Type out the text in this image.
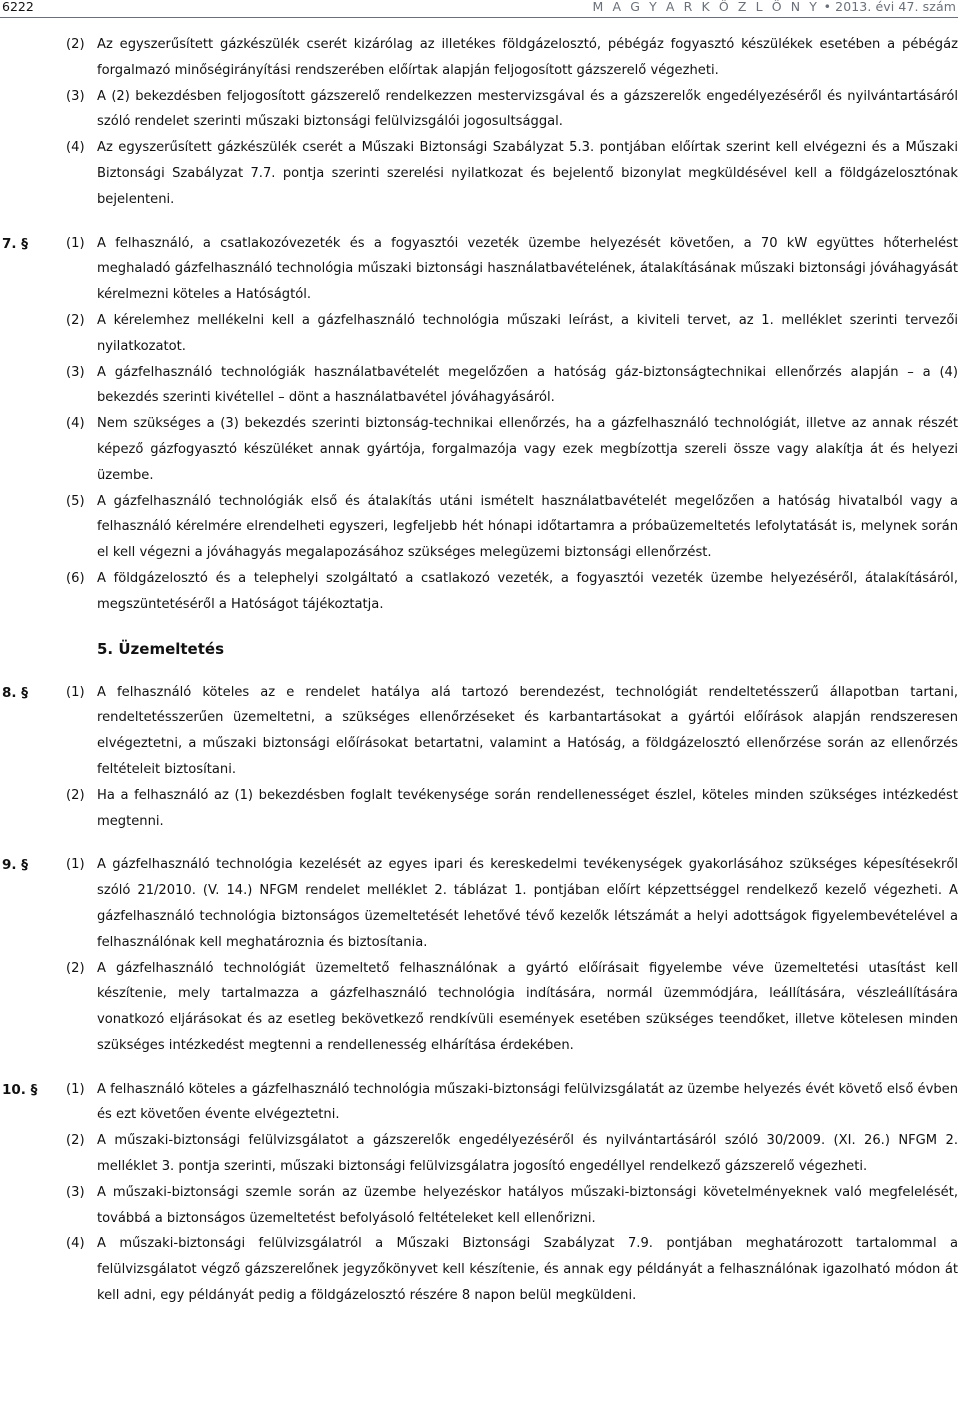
6222	M A G Y A R K Ö Z L Ö N Y • 2013. évi 47. szám
(2) Az egyszerűsített gázkészülék cserét kizárólag az illetékes földgázelosztó, pébégáz fogyasztó készülékek esetében a pébégáz forgalmazó minőségirányítási rendszerében előírtak alapján feljogosított gázszerelő végezheti.
(3) A (2) bekezdésben feljogosított gázszerelő rendelkezzen mestervizsgával és a gázszerelők engedélyezéséről és nyilvántartásáról szóló rendelet szerinti műszaki biztonsági felülvizsgálói jogosultsággal.
(4) Az egyszerűsített gázkészülék cserét a Műszaki Biztonsági Szabályzat 5.3. pontjában előírtak szerint kell elvégezni és a Műszaki Biztonsági Szabályzat 7.7. pontja szerinti szerelési nyilatkozat és bejelentő bizonylat megküldésével kell a földgázelosztónak bejelenteni.
7. §	(1) A felhasználó, a csatlakozóvezeték és a fogyasztói vezeték üzembe helyezését követően, a 70 kW együttes hőterhelést meghaladó gázfelhasználó technológia műszaki biztonsági használatbavételének, átalakításának műszaki biztonsági jóváhagyását kérelmezni köteles a Hatóságtól.
(2) A kérelemhez mellékelni kell a gázfelhasználó technológia műszaki leírást, a kiviteli tervet, az 1. melléklet szerinti tervezői nyilatkozatot.
(3) A gázfelhasználó technológiák használatbavételét megelőzően a hatóság gáz-biztonságtechnikai ellenőrzés alapján – a (4) bekezdés szerinti kivétellel – dönt a használatbavétel jóváhagyásáról.
(4) Nem szükséges a (3) bekezdés szerinti biztonság-technikai ellenőrzés, ha a gázfelhasználó technológiát, illetve az annak részét képező gázfogyasztó készüléket annak gyártója, forgalmazója vagy ezek megbízottja szereli össze vagy alakítja át és helyezi üzembe.
(5) A gázfelhasználó technológiák első és átalakítás utáni ismételt használatbavételét megelőzően a hatóság hivatalból vagy a felhasználó kérelmére elrendelheti egyszeri, legfeljebb hét hónapi időtartamra a próbaüzemeltetés lefolytatását is, melynek során el kell végezni a jóváhagyás megalapozásához szükséges melegüzemi biztonsági ellenőrzést.
(6) A földgázelosztó és a telephelyi szolgáltató a csatlakozó vezeték, a fogyasztói vezeték üzembe helyezéséről, átalakításáról, megszüntetéséről a Hatóságot tájékoztatja.
5. Üzemeltetés
8. §	(1) A felhasználó köteles az e rendelet hatálya alá tartozó berendezést, technológiát rendeltetésszerű állapotban tartani, rendeltetésszerűen üzemeltetni, a szükséges ellenőrzéseket és karbantartásokat a gyártói előírások alapján rendszeresen elvégeztetni, a műszaki biztonsági előírásokat betartatni, valamint a Hatóság, a földgázelosztó ellenőrzése során az ellenőrzés feltételeit biztosítani.
(2) Ha a felhasználó az (1) bekezdésben foglalt tevékenysége során rendellenességet észlel, köteles minden szükséges intézkedést megtenni.
9. §	(1) A gázfelhasználó technológia kezelését az egyes ipari és kereskedelmi tevékenységek gyakorlásához szükséges képesítésekről szóló 21/2010. (V. 14.) NFGM rendelet melléklet 2. táblázat 1. pontjában előírt képzettséggel rendelkező kezelő végezheti. A gázfelhasználó technológia biztonságos üzemeltetését lehetővé tévő kezelők létszámát a helyi adottságok figyelembevételével a felhasználónak kell meghatároznia és biztosítania.
(2) A gázfelhasználó technológiát üzemeltető felhasználónak a gyártó előírásait figyelembe véve üzemeltetési utasítást kell készítenie, mely tartalmazza a gázfelhasználó technológia indítására, normál üzemmódjára, leállítására, vészleállítására vonatkozó eljárásokat és az esetleg bekövetkező rendkívüli események esetében szükséges teendőket, illetve kötelesen minden szükséges intézkedést megtenni a rendellenesség elhárítása érdekében.
10. § (1) A felhasználó köteles a gázfelhasználó technológia műszaki-biztonsági felülvizsgálatát az üzembe helyezés évét követő első évben és ezt követően évente elvégeztetni.
(2) A műszaki-biztonsági felülvizsgálatot a gázszerelők engedélyezéséről és nyilvántartásáról szóló 30/2009. (XI. 26.) NFGM 2. melléklet 3. pontja szerinti, műszaki biztonsági felülvizsgálatra jogosító engedéllyel rendelkező gázszerelő végezheti.
(3) A műszaki-biztonsági szemle során az üzembe helyezéskor hatályos műszaki-biztonsági követelményeknek való megfelelését, továbbá a biztonságos üzemeltetést befolyásoló feltételeket kell ellenőrizni.
(4) A műszaki-biztonsági felülvizsgálatról a Műszaki Biztonsági Szabályzat 7.9. pontjában meghatározott tartalommal a felülvizsgálatot végző gázszerelőnek jegyzőkönyvet kell készítenie, és annak egy példányát a felhasználónak igazolható módon át kell adni, egy példányát pedig a földgázelosztó részére 8 napon belül megküldeni.
